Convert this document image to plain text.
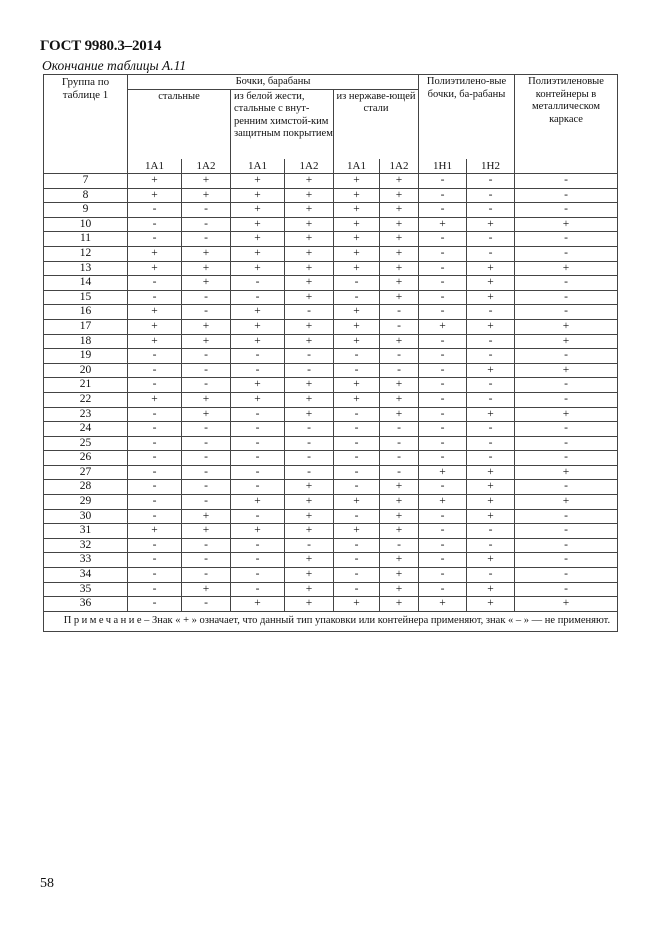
ГОСТ 9980.3–2014
Окончание таблицы А.11
Группа по таблице 1	Бочки, барабаны						Полиэтилено-вые бочки, ба-рабаны		Полиэтиленовые контейнеры в металлическом каркасе
	стальные		из белой жести, стальные с внут-ренним химстой-ким защитным покрытием		из нержаве-ющей стали				
	1A1	1A2	1A1	1A2	1A1	1A2	1H1	1H2	
7	+	+	+	+	+	+	-	-	-
8	+	+	+	+	+	+	-	-	-
9	-	-	+	+	+	+	-	-	-
10	-	-	+	+	+	+	+	+	+
11	-	-	+	+	+	+	-	-	-
12	+	+	+	+	+	+	-	-	-
13	+	+	+	+	+	+	-	+	+
14	-	+	-	+	-	+	-	+	-
15	-	-	-	+	-	+	-	+	-
16	+	-	+	-	+	-	-	-	-
17	+	+	+	+	+	-	+	+	+
18	+	+	+	+	+	+	-	-	+
19	-	-	-	-	-	-	-	-	-
20	-	-	-	-	-	-	-	+	+
21	-	-	+	+	+	+	-	-	-
22	+	+	+	+	+	+	-	-	-
23	-	+	-	+	-	+	-	+	+
24	-	-	-	-	-	-	-	-	-
25	-	-	-	-	-	-	-	-	-
26	-	-	-	-	-	-	-	-	-
27	-	-	-	-	-	-	+	+	+
28	-	-	-	+	-	+	-	+	-
29	-	-	+	+	+	+	+	+	+
30	-	+	-	+	-	+	-	+	-
31	+	+	+	+	+	+	-	-	-
32	-	-	-	-	-	-	-	-	-
33	-	-	-	+	-	+	-	+	-
34	-	-	-	+	-	+	-	-	-
35	-	+	-	+	-	+	-	+	-
36	-	-	+	+	+	+	+	+	+
Примечание– Знак « + » означает, что данный тип упаковки или контейнера применяют, знак « – » — не применяют.									
58
